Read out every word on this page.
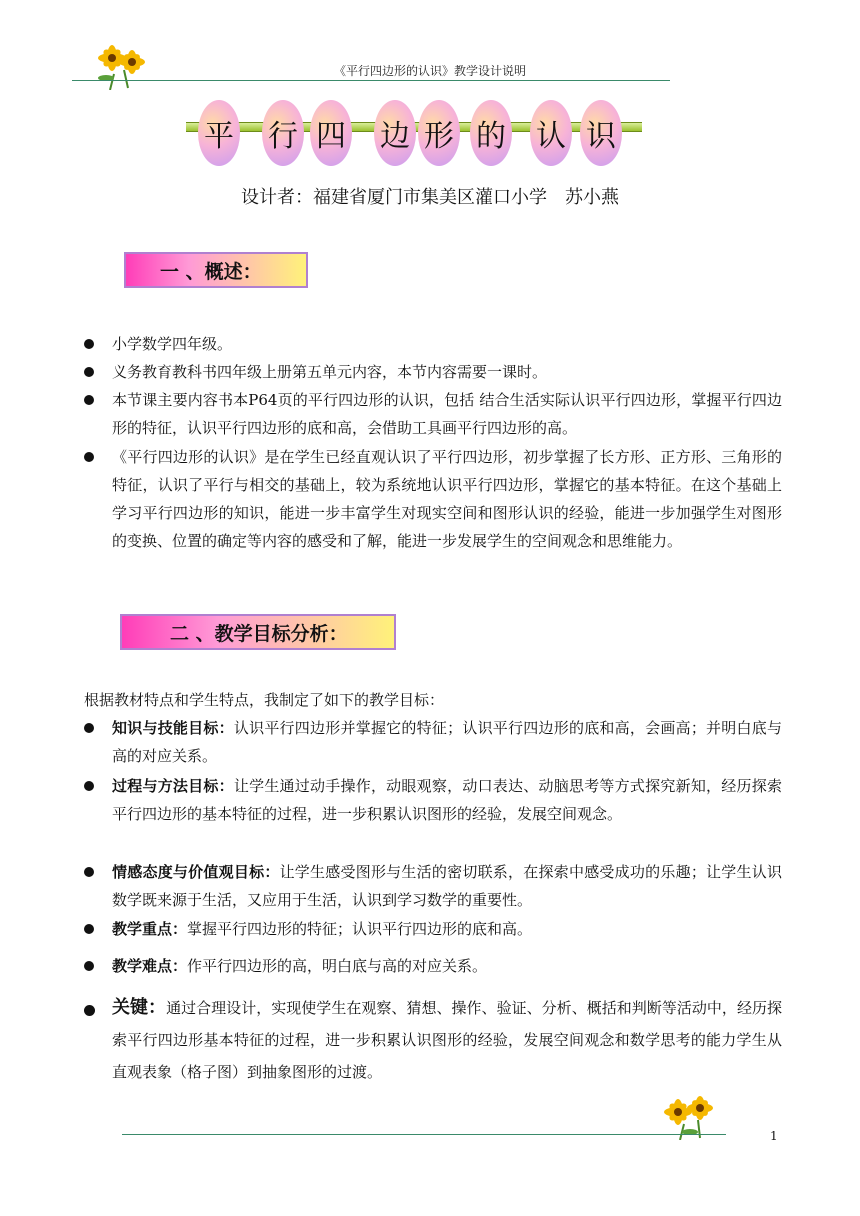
《平行四边形的认识》教学设计说明
平 行 四 边 形 的 认 识
设计者：福建省厦门市集美区灌口小学　苏小燕
一 、概述：
小学数学四年级。
义务教育教科书四年级上册第五单元内容，本节内容需要一课时。
本节课主要内容书本P64页的平行四边形的认识，包括 结合生活实际认识平行四边形，掌握平行四边形的特征，认识平行四边形的底和高，会借助工具画平行四边形的高。
《平行四边形的认识》是在学生已经直观认识了平行四边形，初步掌握了长方形、正方形、三角形的特征，认识了平行与相交的基础上，较为系统地认识平行四边形，掌握它的基本特征。在这个基础上学习平行四边形的知识，能进一步丰富学生对现实空间和图形认识的经验，能进一步加强学生对图形的变换、位置的确定等内容的感受和了解，能进一步发展学生的空间观念和思维能力。
二 、教学目标分析：
根据教材特点和学生特点，我制定了如下的教学目标：
知识与技能目标：认识平行四边形并掌握它的特征；认识平行四边形的底和高，会画高；并明白底与高的对应关系。
过程与方法目标：让学生通过动手操作，动眼观察，动口表达、动脑思考等方式探究新知，经历探索平行四边形的基本特征的过程，进一步积累认识图形的经验，发展空间观念。
情感态度与价值观目标：让学生感受图形与生活的密切联系，在探索中感受成功的乐趣；让学生认识数学既来源于生活，又应用于生活，认识到学习数学的重要性。
教学重点：掌握平行四边形的特征；认识平行四边形的底和高。
教学难点：作平行四边形的高，明白底与高的对应关系。
关键：通过合理设计，实现使学生在观察、猜想、操作、验证、分析、概括和判断等活动中，经历探索平行四边形基本特征的过程，进一步积累认识图形的经验，发展空间观念和数学思考的能力学生从直观表象（格子图）到抽象图形的过渡。
1
